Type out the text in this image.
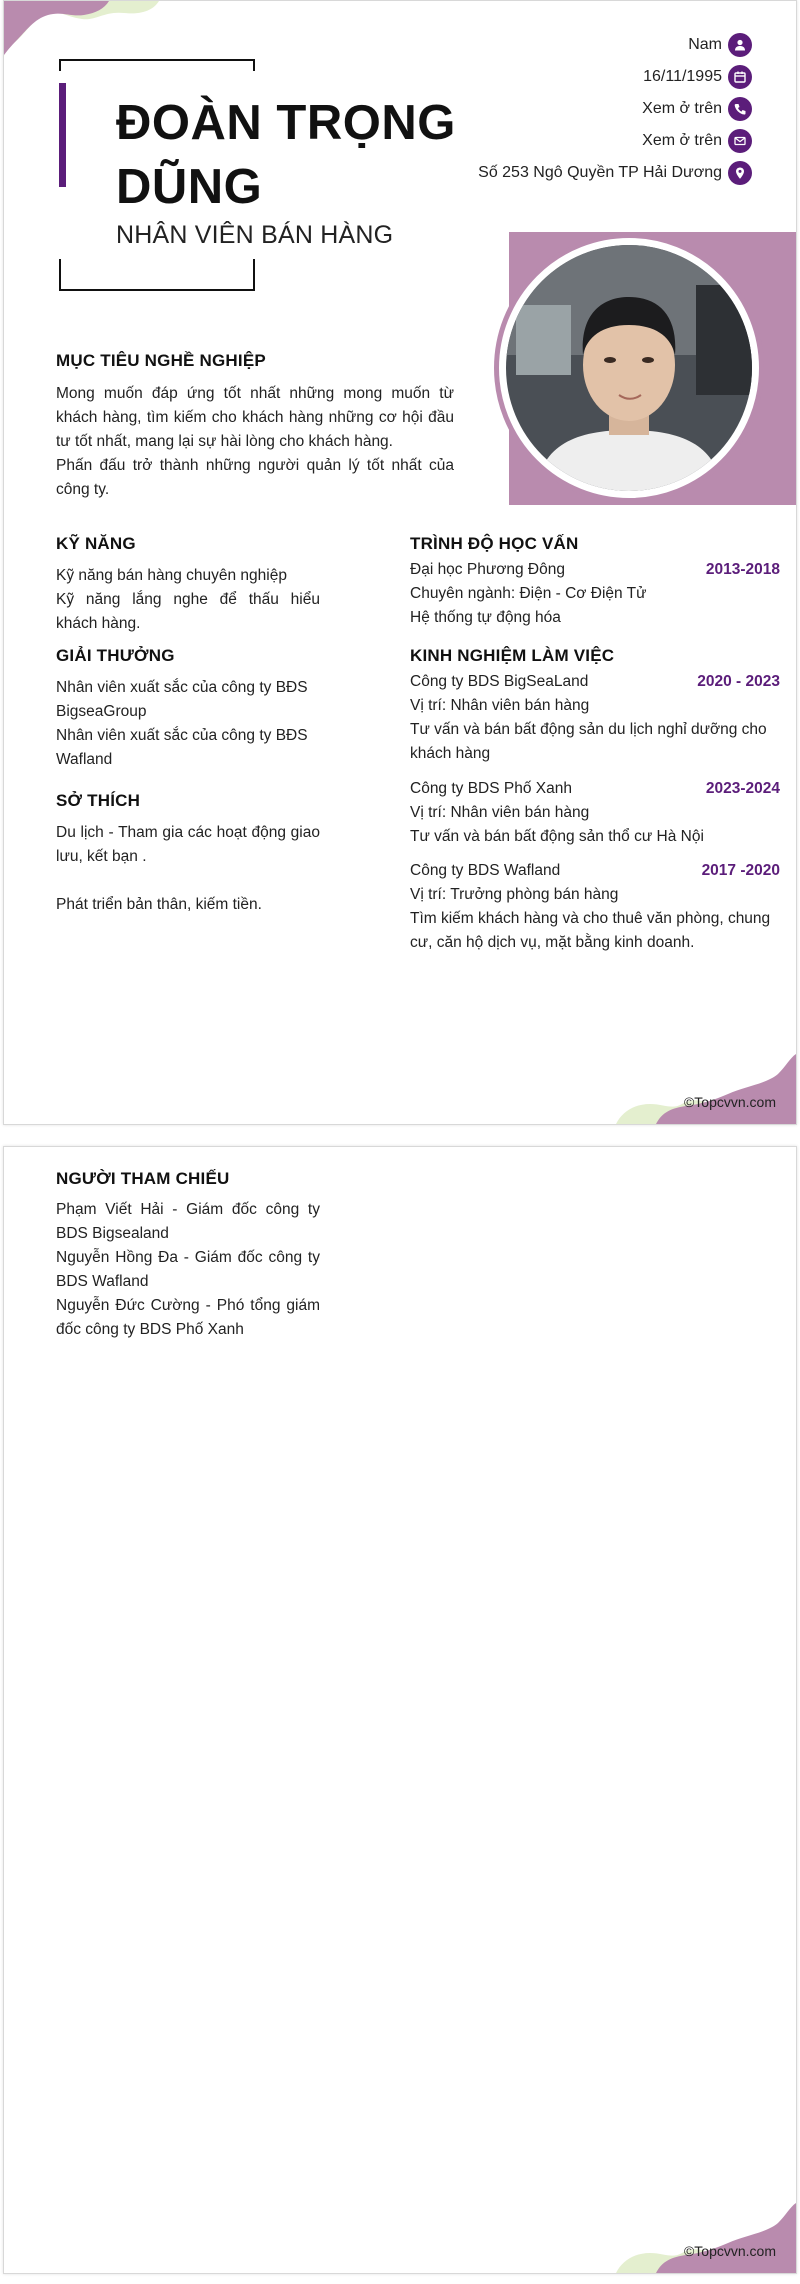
ĐOÀN TRỌNG
DŨNG
NHÂN VIÊN BÁN HÀNG
Nam
16/11/1995
Xem ở trên
Xem ở trên
Số 253 Ngô Quyền TP Hải Dương
MỤC TIÊU NGHỀ NGHIỆP
Mong muốn đáp ứng tốt nhất những mong muốn từ khách hàng, tìm kiếm cho khách hàng những cơ hội đầu tư tốt nhất, mang lại sự hài lòng cho khách hàng.
Phấn đấu trở thành những người quản lý tốt nhất của công ty.
KỸ NĂNG
Kỹ năng bán hàng chuyên nghiệp
Kỹ năng lắng nghe để thấu hiểu khách hàng.
GIẢI THƯỞNG
Nhân viên xuất sắc của công ty BĐS BigseaGroup
Nhân viên xuất sắc của công ty BĐS Wafland
SỞ THÍCH
Du lịch - Tham gia các hoạt động giao lưu, kết bạn .
Phát triển bản thân, kiếm tiền.
TRÌNH ĐỘ HỌC VẤN
Đại học Phương Đông	2013-2018
Chuyên ngành: Điện - Cơ Điện Tử
Hệ thống tự động hóa
KINH NGHIỆM LÀM VIỆC
Công ty BDS BigSeaLand	2020 - 2023
Vị trí: Nhân viên bán hàng
Tư vấn và bán bất động sản du lịch nghỉ dưỡng cho khách hàng
Công ty BDS Phố Xanh	2023-2024
Vị trí: Nhân viên bán hàng
Tư vấn và bán bất động sản thổ cư Hà Nội
Công ty BDS Wafland	2017 -2020
Vị trí: Trưởng phòng bán hàng
Tìm kiếm khách hàng và cho thuê văn phòng, chung cư, căn hộ dịch vụ, mặt bằng kinh doanh.
©Topcvvn.com
NGƯỜI THAM CHIẾU
Phạm Viết Hải - Giám đốc công ty BDS Bigsealand
Nguyễn Hồng Đa - Giám đốc công ty BDS Wafland
Nguyễn Đức Cường - Phó tổng giám đốc công ty BDS Phố Xanh
©Topcvvn.com
